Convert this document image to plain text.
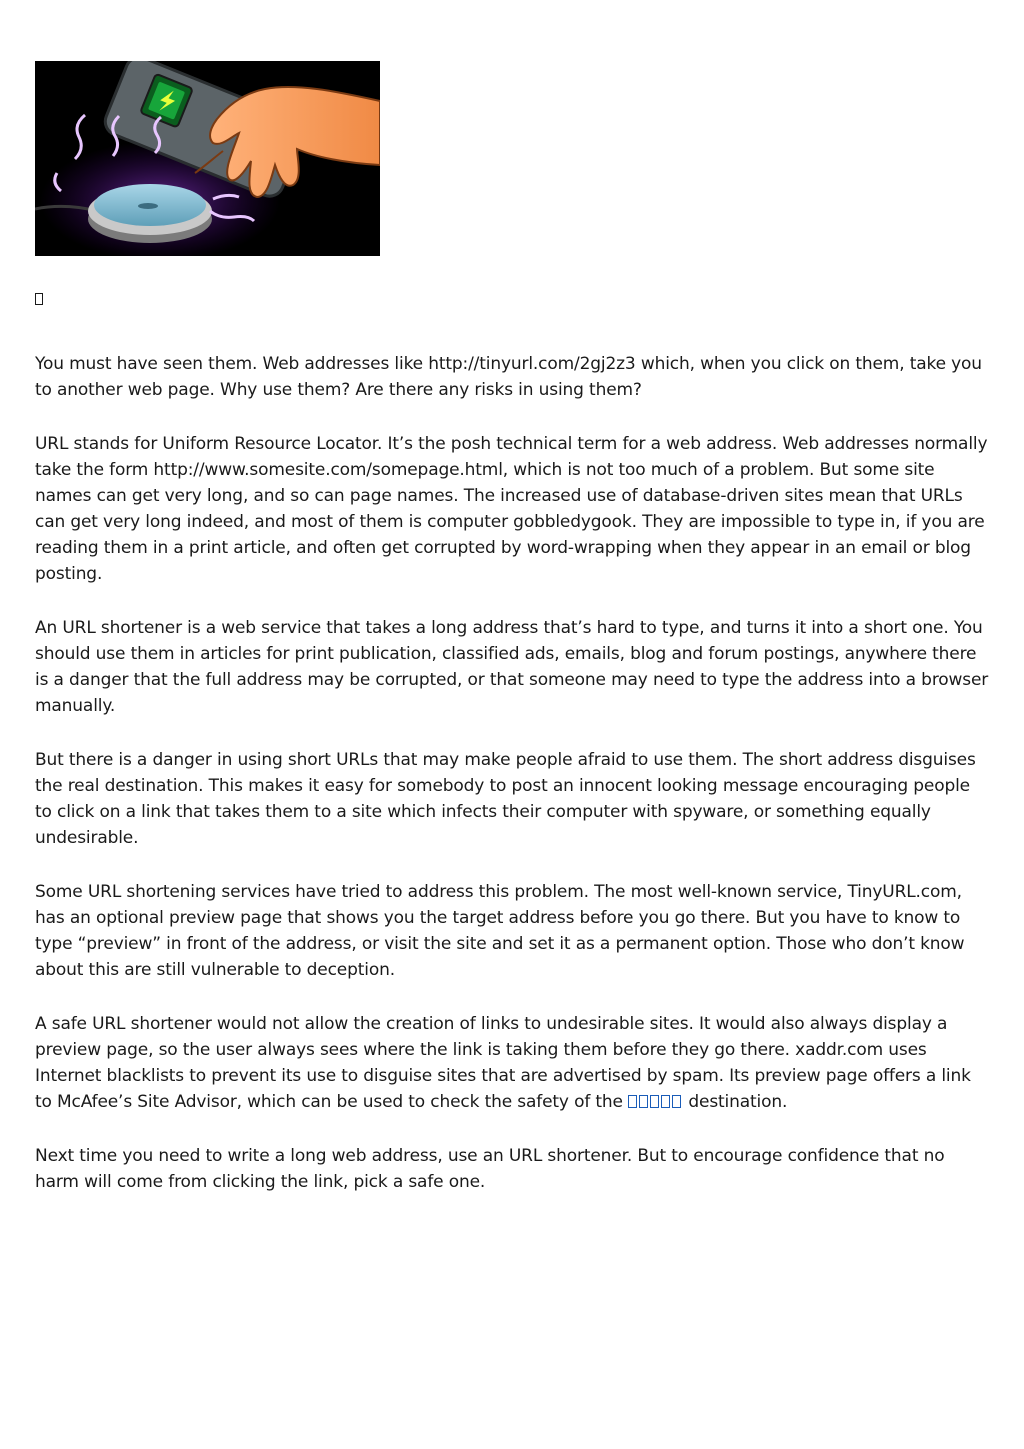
You must have seen them. Web addresses like http://tinyurl.com/2gj2z3 which, when you click on them, take you to another web page. Why use them? Are there any risks in using them?

URL stands for Uniform Resource Locator. It’s the posh technical term for a web address. Web addresses normally take the form http://www.somesite.com/somepage.html, which is not too much of a problem. But some site names can get very long, and so can page names. The increased use of database-driven sites mean that URLs can get very long indeed, and most of them is computer gobbledygook. They are impossible to type in, if you are reading them in a print article, and often get corrupted by word-wrapping when they appear in an email or blog posting.

An URL shortener is a web service that takes a long address that’s hard to type, and turns it into a short one. You should use them in articles for print publication, classified ads, emails, blog and forum postings, anywhere there is a danger that the full address may be corrupted, or that someone may need to type the address into a browser manually.

But there is a danger in using short URLs that may make people afraid to use them. The short address disguises the real destination. This makes it easy for somebody to post an innocent looking message encouraging people to click on a link that takes them to a site which infects their computer with spyware, or something equally undesirable.

Some URL shortening services have tried to address this problem. The most well-known service, TinyURL.com, has an optional preview page that shows you the target address before you go there. But you have to know to type “preview” in front of the address, or visit the site and set it as a permanent option. Those who don’t know about this are still vulnerable to deception.

A safe URL shortener would not allow the creation of links to undesirable sites. It would also always display a preview page, so the user always sees where the link is taking them before they go there. xaddr.com uses Internet blacklists to prevent its use to disguise sites that are advertised by spam. Its preview page offers a link to McAfee’s Site Advisor, which can be used to check the safety of the	destination.

Next time you need to write a long web address, use an URL shortener. But to encourage confidence that no harm will come from clicking the link, pick a safe one.
